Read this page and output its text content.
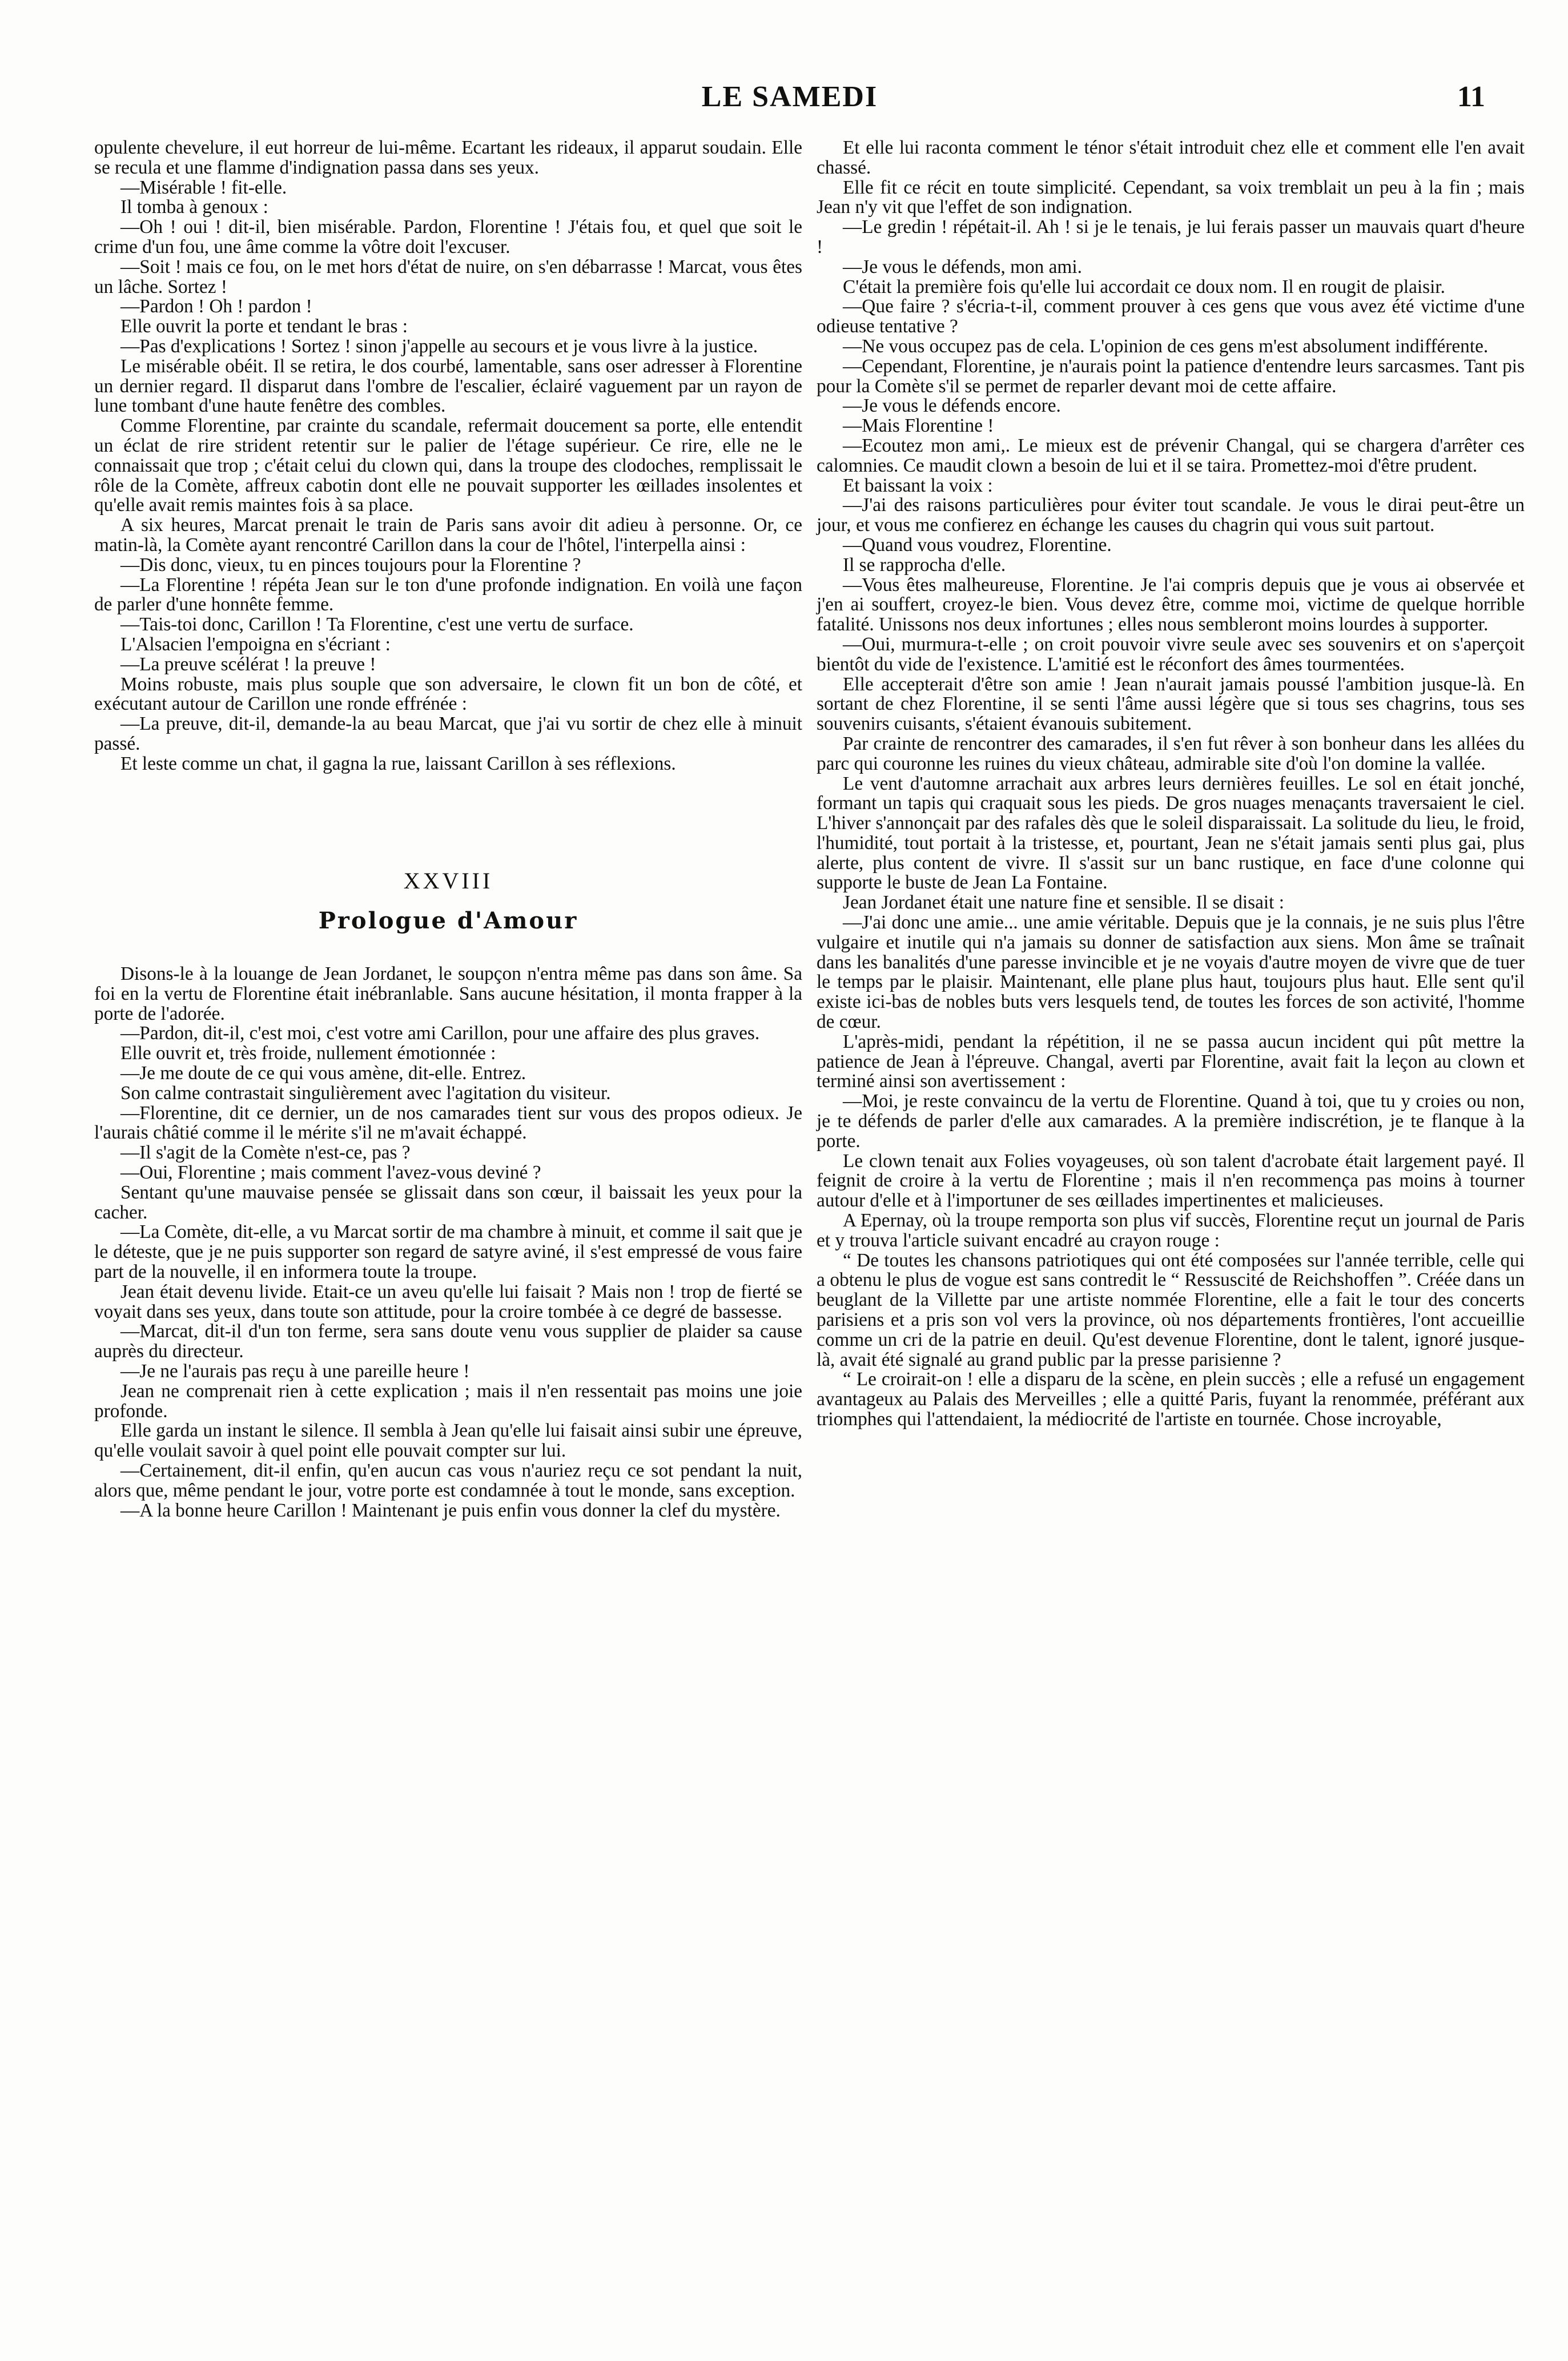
LE SAMEDI	11

opulente chevelure, il eut horreur de lui-même. Ecartant les rideaux, il apparut soudain. Elle se recula et une flamme d'indignation passa dans ses yeux.

—Misérable ! fit-elle.

Il tomba à genoux :

—Oh ! oui ! dit-il, bien misérable. Pardon, Florentine ! J'étais fou, et quel que soit le crime d'un fou, une âme comme la vôtre doit l'excuser.

—Soit ! mais ce fou, on le met hors d'état de nuire, on s'en débarrasse ! Marcat, vous êtes un lâche. Sortez !

—Pardon ! Oh ! pardon !

Elle ouvrit la porte et tendant le bras :

—Pas d'explications ! Sortez ! sinon j'appelle au secours et je vous livre à la justice.

Le misérable obéit. Il se retira, le dos courbé, lamentable, sans oser adresser à Florentine un dernier regard. Il disparut dans l'ombre de l'escalier, éclairé vaguement par un rayon de lune tombant d'une haute fenêtre des combles.

Comme Florentine, par crainte du scandale, refermait doucement sa porte, elle entendit un éclat de rire strident retentir sur le palier de l'étage supérieur. Ce rire, elle ne le connaissait que trop ; c'était celui du clown qui, dans la troupe des clodoches, remplissait le rôle de la Comète, affreux cabotin dont elle ne pouvait supporter les œillades insolentes et qu'elle avait remis maintes fois à sa place.

A six heures, Marcat prenait le train de Paris sans avoir dit adieu à personne. Or, ce matin-là, la Comète ayant rencontré Carillon dans la cour de l'hôtel, l'interpella ainsi :

—Dis donc, vieux, tu en pinces toujours pour la Florentine ?

—La Florentine ! répéta Jean sur le ton d'une profonde indignation. En voilà une façon de parler d'une honnête femme.

—Tais-toi donc, Carillon ! Ta Florentine, c'est une vertu de surface.

L'Alsacien l'empoigna en s'écriant :

—La preuve scélérat ! la preuve !

Moins robuste, mais plus souple que son adversaire, le clown fit un bon de côté, et exécutant autour de Carillon une ronde effrénée :

—La preuve, dit-il, demande-la au beau Marcat, que j'ai vu sortir de chez elle à minuit passé.

Et leste comme un chat, il gagna la rue, laissant Carillon à ses réflexions.

XXVIII
Prologue d'Amour

Disons-le à la louange de Jean Jordanet, le soupçon n'entra même pas dans son âme. Sa foi en la vertu de Florentine était inébranlable. Sans aucune hésitation, il monta frapper à la porte de l'adorée.

—Pardon, dit-il, c'est moi, c'est votre ami Carillon, pour une affaire des plus graves.

Elle ouvrit et, très froide, nullement émotionnée :

—Je me doute de ce qui vous amène, dit-elle. Entrez.

Son calme contrastait singulièrement avec l'agitation du visiteur.

—Florentine, dit ce dernier, un de nos camarades tient sur vous des propos odieux. Je l'aurais châtié comme il le mérite s'il ne m'avait échappé.

—Il s'agit de la Comète n'est-ce, pas ?

—Oui, Florentine ; mais comment l'avez-vous deviné ?

Sentant qu'une mauvaise pensée se glissait dans son cœur, il baissait les yeux pour la cacher.

—La Comète, dit-elle, a vu Marcat sortir de ma chambre à minuit, et comme il sait que je le déteste, que je ne puis supporter son regard de satyre aviné, il s'est empressé de vous faire part de la nouvelle, il en informera toute la troupe.

Jean était devenu livide. Etait-ce un aveu qu'elle lui faisait ? Mais non ! trop de fierté se voyait dans ses yeux, dans toute son attitude, pour la croire tombée à ce degré de bassesse.

—Marcat, dit-il d'un ton ferme, sera sans doute venu vous supplier de plaider sa cause auprès du directeur.

—Je ne l'aurais pas reçu à une pareille heure !

Jean ne comprenait rien à cette explication ; mais il n'en ressentait pas moins une joie profonde.

Elle garda un instant le silence. Il sembla à Jean qu'elle lui faisait ainsi subir une épreuve, qu'elle voulait savoir à quel point elle pouvait compter sur lui.

—Certainement, dit-il enfin, qu'en aucun cas vous n'auriez reçu ce sot pendant la nuit, alors que, même pendant le jour, votre porte est condamnée à tout le monde, sans exception.

—A la bonne heure Carillon ! Maintenant je puis enfin vous donner la clef du mystère.

Et elle lui raconta comment le ténor s'était introduit chez elle et comment elle l'en avait chassé.

Elle fit ce récit en toute simplicité. Cependant, sa voix tremblait un peu à la fin ; mais Jean n'y vit que l'effet de son indignation.

—Le gredin ! répétait-il. Ah ! si je le tenais, je lui ferais passer un mauvais quart d'heure !

—Je vous le défends, mon ami.

C'était la première fois qu'elle lui accordait ce doux nom. Il en rougit de plaisir.

—Que faire ? s'écria-t-il, comment prouver à ces gens que vous avez été victime d'une odieuse tentative ?

—Ne vous occupez pas de cela. L'opinion de ces gens m'est absolument indifférente.

—Cependant, Florentine, je n'aurais point la patience d'entendre leurs sarcasmes. Tant pis pour la Comète s'il se permet de reparler devant moi de cette affaire.

—Je vous le défends encore.

—Mais Florentine !

—Ecoutez mon ami,. Le mieux est de prévenir Changal, qui se chargera d'arrêter ces calomnies. Ce maudit clown a besoin de lui et il se taira. Promettez-moi d'être prudent.

Et baissant la voix :

—J'ai des raisons particulières pour éviter tout scandale. Je vous le dirai peut-être un jour, et vous me confierez en échange les causes du chagrin qui vous suit partout.

—Quand vous voudrez, Florentine.

Il se rapprocha d'elle.

—Vous êtes malheureuse, Florentine. Je l'ai compris depuis que je vous ai observée et j'en ai souffert, croyez-le bien. Vous devez être, comme moi, victime de quelque horrible fatalité. Unissons nos deux infortunes ; elles nous sembleront moins lourdes à supporter.

—Oui, murmura-t-elle ; on croit pouvoir vivre seule avec ses souvenirs et on s'aperçoit bientôt du vide de l'existence. L'amitié est le réconfort des âmes tourmentées.

Elle accepterait d'être son amie ! Jean n'aurait jamais poussé l'ambition jusque-là. En sortant de chez Florentine, il se senti l'âme aussi légère que si tous ses chagrins, tous ses souvenirs cuisants, s'étaient évanouis subitement.

Par crainte de rencontrer des camarades, il s'en fut rêver à son bonheur dans les allées du parc qui couronne les ruines du vieux château, admirable site d'où l'on domine la vallée.

Le vent d'automne arrachait aux arbres leurs dernières feuilles. Le sol en était jonché, formant un tapis qui craquait sous les pieds. De gros nuages menaçants traversaient le ciel. L'hiver s'annonçait par des rafales dès que le soleil disparaissait. La solitude du lieu, le froid, l'humidité, tout portait à la tristesse, et, pourtant, Jean ne s'était jamais senti plus gai, plus alerte, plus content de vivre. Il s'assit sur un banc rustique, en face d'une colonne qui supporte le buste de Jean La Fontaine.

Jean Jordanet était une nature fine et sensible. Il se disait :

—J'ai donc une amie... une amie véritable. Depuis que je la connais, je ne suis plus l'être vulgaire et inutile qui n'a jamais su donner de satisfaction aux siens. Mon âme se traînait dans les banalités d'une paresse invincible et je ne voyais d'autre moyen de vivre que de tuer le temps par le plaisir. Maintenant, elle plane plus haut, toujours plus haut. Elle sent qu'il existe ici-bas de nobles buts vers lesquels tend, de toutes les forces de son activité, l'homme de cœur.

L'après-midi, pendant la répétition, il ne se passa aucun incident qui pût mettre la patience de Jean à l'épreuve. Changal, averti par Florentine, avait fait la leçon au clown et terminé ainsi son avertissement :

—Moi, je reste convaincu de la vertu de Florentine. Quand à toi, que tu y croies ou non, je te défends de parler d'elle aux camarades. A la première indiscrétion, je te flanque à la porte.

Le clown tenait aux Folies voyageuses, où son talent d'acrobate était largement payé. Il feignit de croire à la vertu de Florentine ; mais il n'en recommença pas moins à tourner autour d'elle et à l'importuner de ses œillades impertinentes et malicieuses.

A Epernay, où la troupe remporta son plus vif succès, Florentine reçut un journal de Paris et y trouva l'article suivant encadré au crayon rouge :

“ De toutes les chansons patriotiques qui ont été composées sur l'année terrible, celle qui a obtenu le plus de vogue est sans contredit le “ Ressuscité de Reichshoffen ”. Créée dans un beuglant de la Villette par une artiste nommée Florentine, elle a fait le tour des concerts parisiens et a pris son vol vers la province, où nos départements frontières, l'ont accueillie comme un cri de la patrie en deuil. Qu'est devenue Florentine, dont le talent, ignoré jusque-là, avait été signalé au grand public par la presse parisienne ?

“ Le croirait-on ! elle a disparu de la scène, en plein succès ; elle a refusé un engagement avantageux au Palais des Merveilles ; elle a quitté Paris, fuyant la renommée, préférant aux triomphes qui l'attendaient, la médiocrité de l'artiste en tournée. Chose incroyable,
